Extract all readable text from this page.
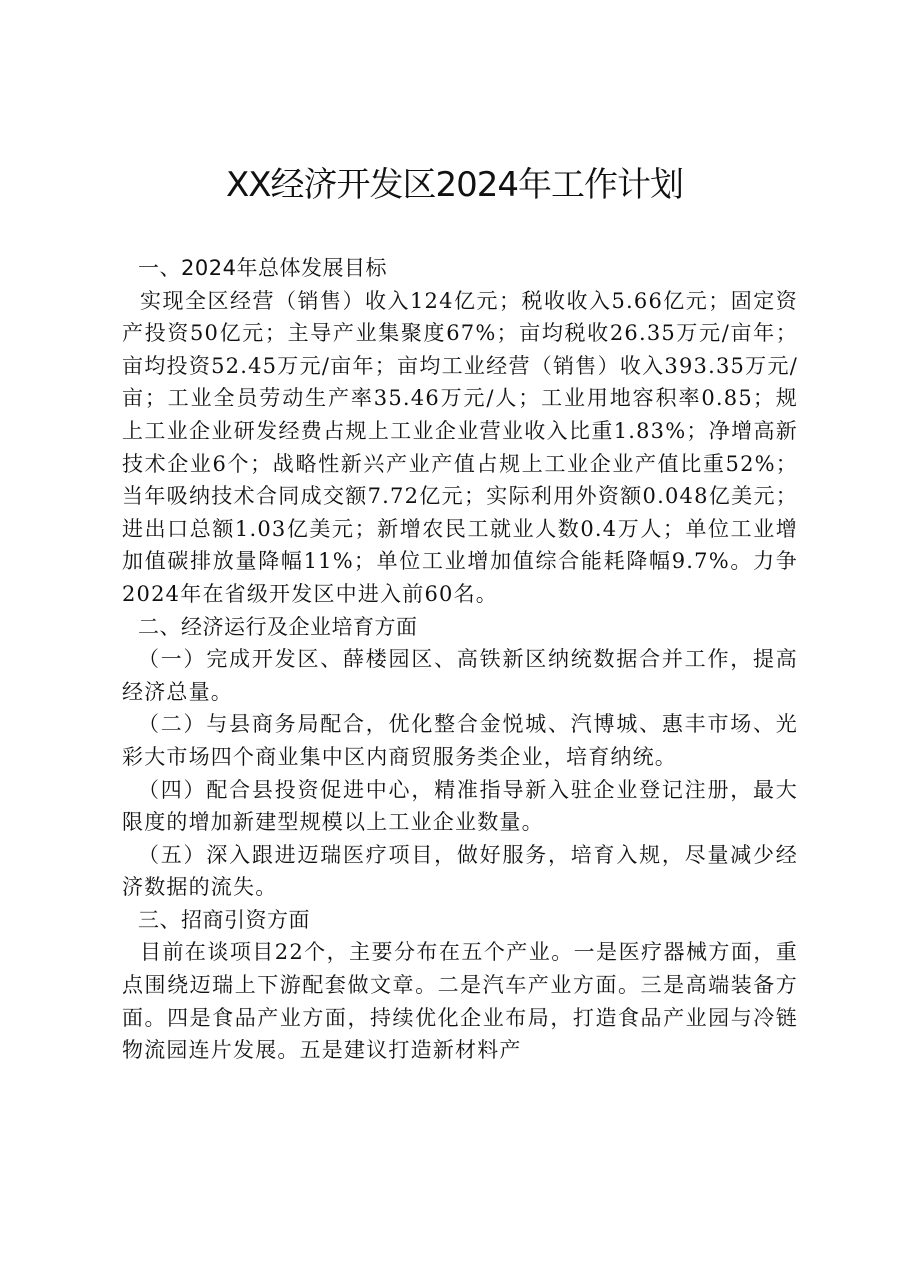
XX经济开发区2024年工作计划
一、2024年总体发展目标

实现全区经营（销售）收入124亿元；税收收入5.66亿元；固定资产投资50亿元；主导产业集聚度67%；亩均税收26.35万元/亩年；亩均投资52.45万元/亩年；亩均工业经营（销售）收入393.35万元/亩；工业全员劳动生产率35.46万元/人；工业用地容积率0.85；规上工业企业研发经费占规上工业企业营业收入比重1.83%；净增高新技术企业6个；战略性新兴产业产值占规上工业企业产值比重52%；当年吸纳技术合同成交额7.72亿元；实际利用外资额0.048亿美元；进出口总额1.03亿美元；新增农民工就业人数0.4万人；单位工业增加值碳排放量降幅11%；单位工业增加值综合能耗降幅9.7%。力争2024年在省级开发区中进入前60名。

二、经济运行及企业培育方面

（一）完成开发区、薛楼园区、高铁新区纳统数据合并工作，提高经济总量。

（二）与县商务局配合，优化整合金悦城、汽博城、惠丰市场、光彩大市场四个商业集中区内商贸服务类企业，培育纳统。

（四）配合县投资促进中心，精准指导新入驻企业登记注册，最大限度的增加新建型规模以上工业企业数量。

（五）深入跟进迈瑞医疗项目，做好服务，培育入规，尽量减少经济数据的流失。

三、招商引资方面

目前在谈项目22个，主要分布在五个产业。一是医疗器械方面，重点围绕迈瑞上下游配套做文章。二是汽车产业方面。三是高端装备方面。四是食品产业方面，持续优化企业布局，打造食品产业园与冷链物流园连片发展。五是建议打造新材料产
